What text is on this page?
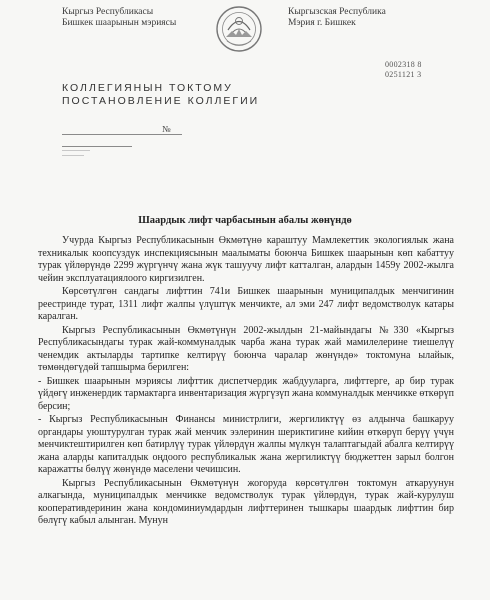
Кыргыз Республикасы
Бишкек шаарынын мэриясы
Кыргызская Республика
Мэрия г. Бишкек
0002318 8
0251121 3
КОЛЛЕГИЯНЫН ТОКТОМУ
ПОСТАНОВЛЕНИЕ КОЛЛЕГИИ
№
Шаардык лифт чарбасынын абалы жөнүндө

Учурда Кыргыз Республикасынын Өкмөтүнө караштуу Мамлекеттик экологиялык жана техникалык коопсуздук инспекциясынын маалыматы боюнча Бишкек шаарынын көп кабаттуу турак үйлөрүндө 2299 жүргүнчү жана жүк ташуучу лифт катталган, алардын 1459у 2002-жылга чейин эксплуатациялоого киргизилген.

Көрсөтүлгөн сандагы лифттин 741и Бишкек шаарынын муниципалдык менчигинин реестринде турат, 1311 лифт жалпы үлүштүк менчикте, ал эми 247 лифт ведомстволук катары каралган.

Кыргыз Республикасынын Өкмөтүнүн 2002-жылдын 21-майындагы №330 «Кыргыз Республикасындагы турак жай-коммуналдык чарба жана турак жай мамилелерине тиешелүү ченемдик актыларды тартипке келтирүү боюнча чаралар жөнүндө» токтомуна ылайык, төмөндөгүдөй тапшырма берилген:

- Бишкек шаарынын мэриясы лифттик диспетчердик жабдууларга, лифттерге, ар бир турак үйдөгү инженердик тармактарга инвентаризация жүргүзүп жана коммуналдык менчикке өткөрүп берсин;

- Кыргыз Республикасынын Финансы министрлиги, жергиликтүү өз алдынча башкаруу органдары уюштурулган турак жай менчик ээлеринин шериктигине кийин өткөрүп берүү үчүн менчиктештирилген көп батирлүү турак үйлөрдүн жалпы мүлкүн талаптагыдай абалга келтирүү жана аларды капиталдык оңдоого республикалык жана жергиликтүү бюджеттен зарыл болгон каражатты бөлүү жөнүндө маселени чечишсин.

Кыргыз Республикасынын Өкмөтүнүн жогоруда көрсөтүлгөн токтомун аткаруунун алкагында, муниципалдык менчикке ведомстволук турак үйлөрдүн, турак жай-курулуш кооперативдеринин жана кондоминиумдардын лифттеринен тышкары шаардык лифттин бир бөлүгү кабыл алынган. Мунун
